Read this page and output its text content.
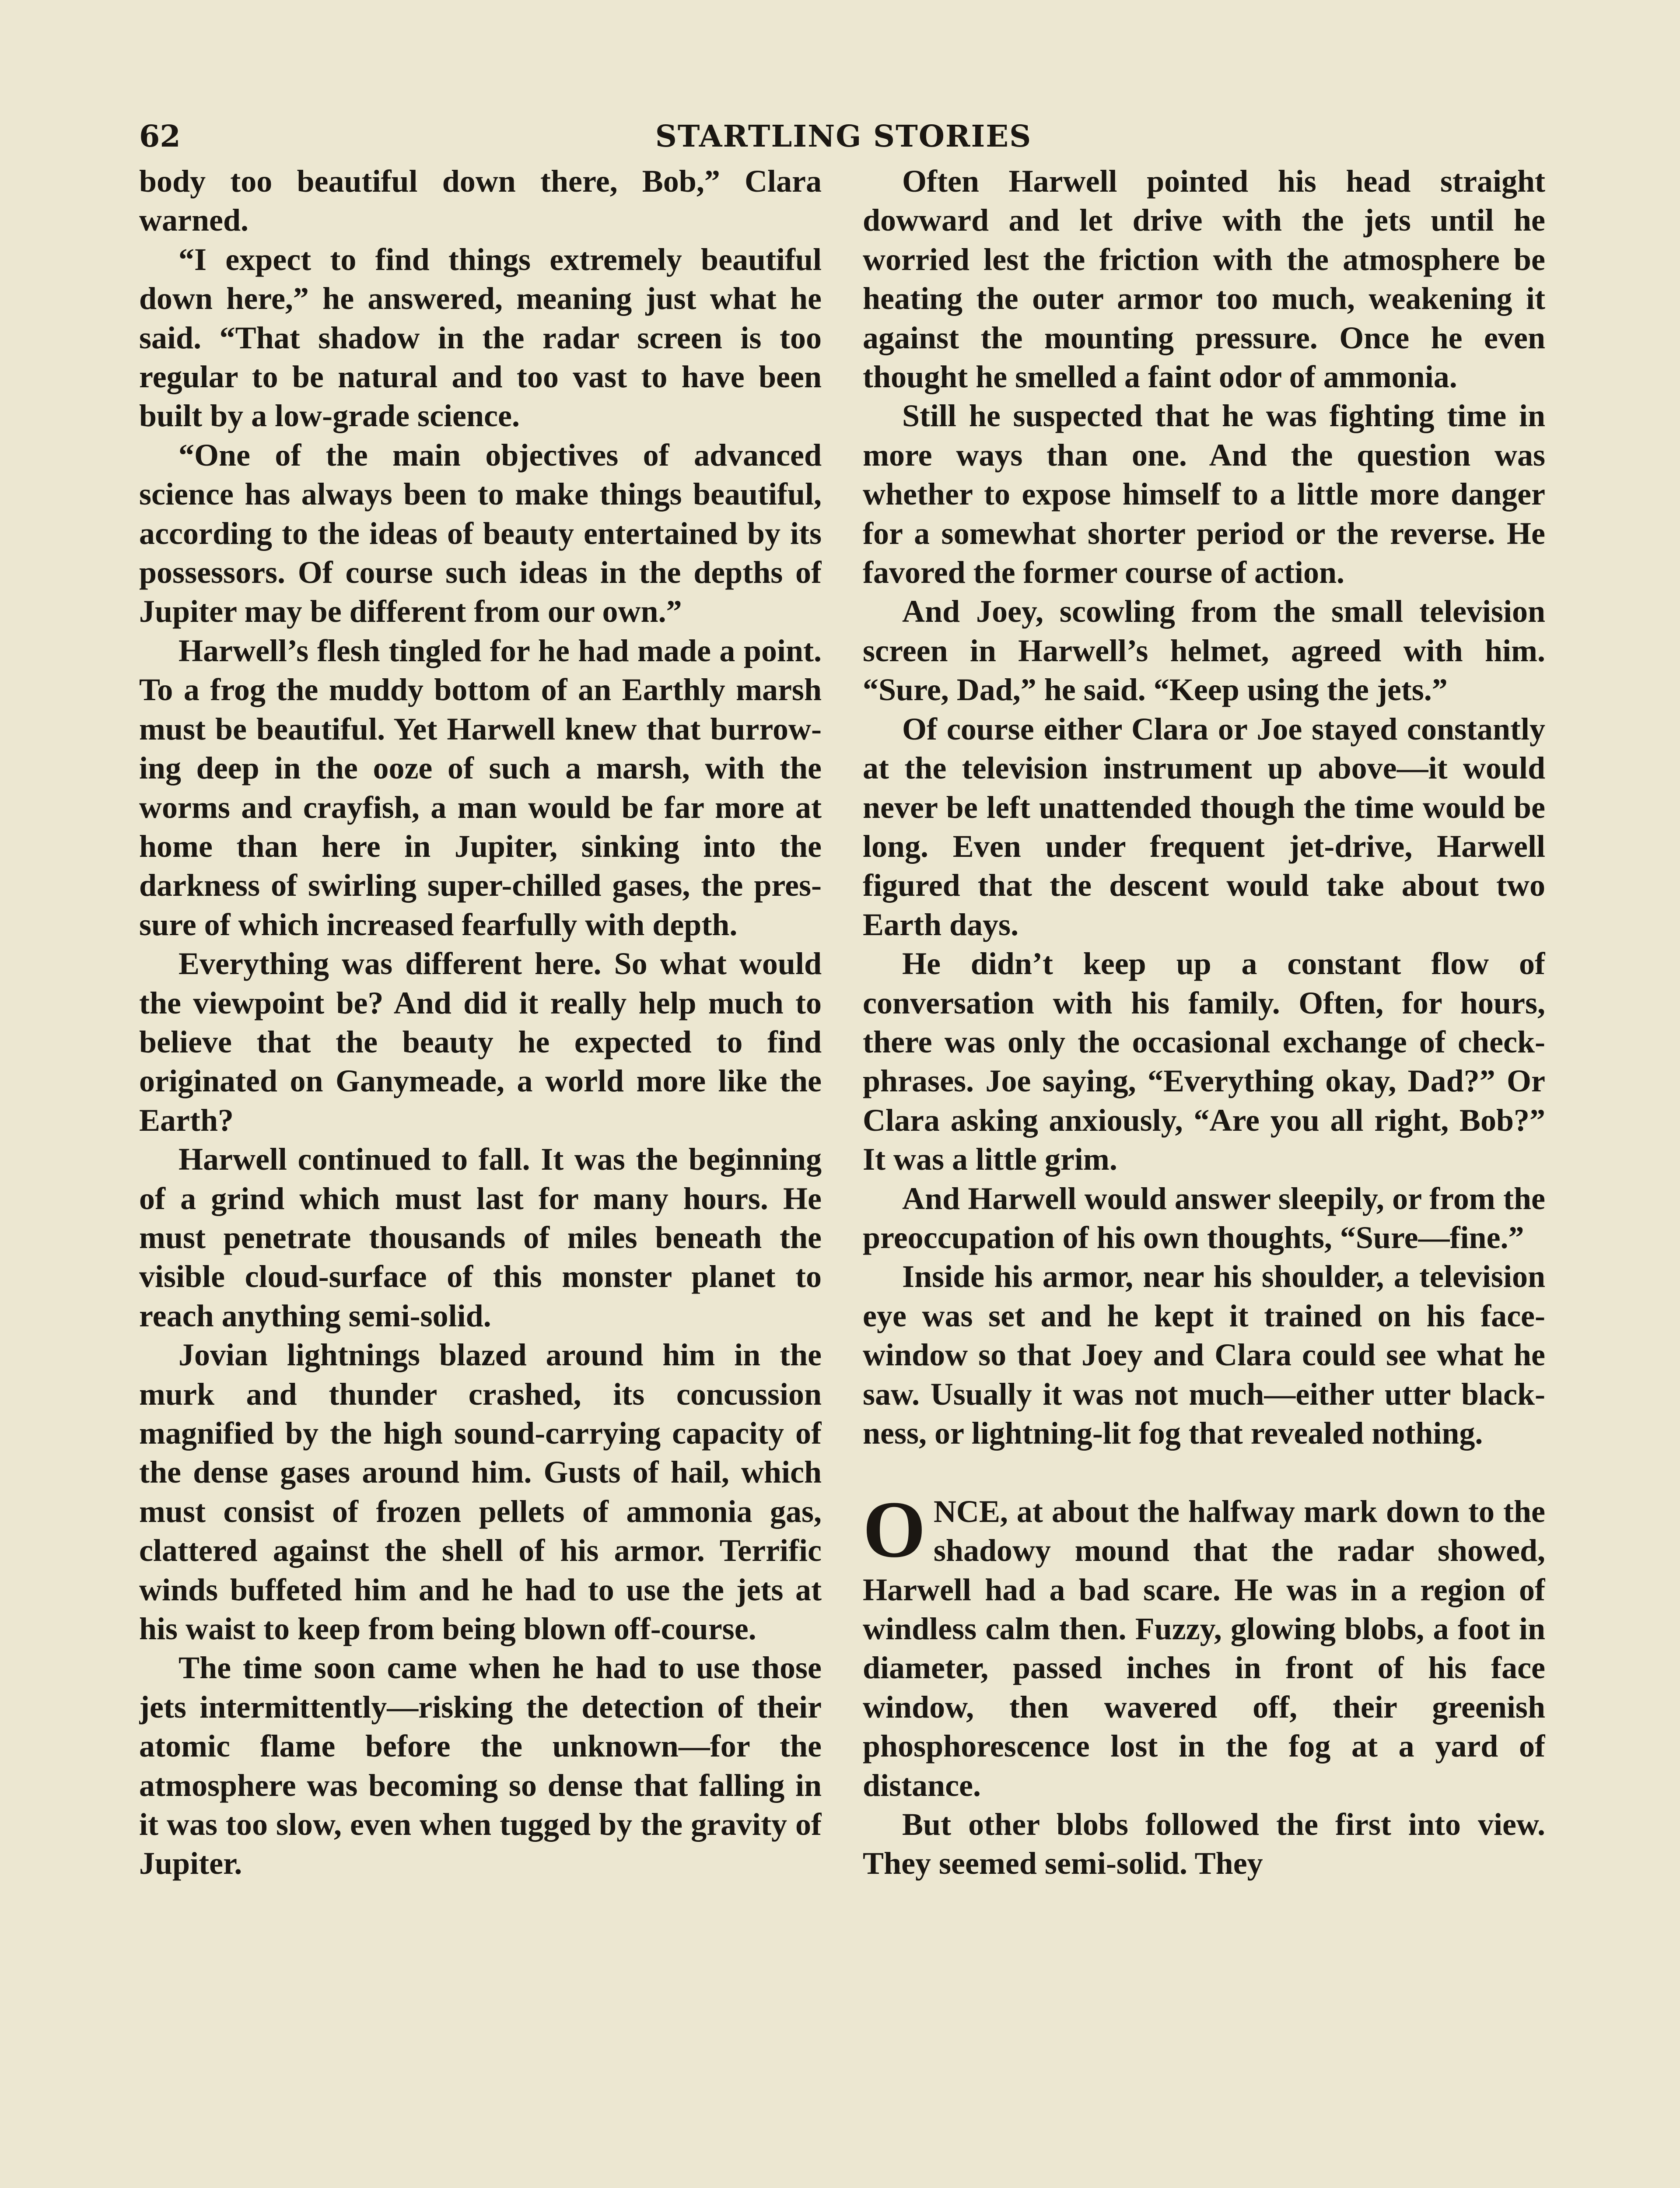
62	STARTLING STORIES

body too beautiful down there, Bob,” Clara warned.

“I expect to find things extremely beautiful down here,” he answered, meaning just what he said. “That shadow in the radar screen is too regular to be natural and too vast to have been built by a low-grade science.

“One of the main objectives of advanced science has always been to make things beautiful, according to the ideas of beauty entertained by its possessors. Of course such ideas in the depths of Jupiter may be different from our own.”

Harwell’s flesh tingled for he had made a point. To a frog the muddy bottom of an Earthly marsh must be beautiful. Yet Harwell knew that burrowing deep in the ooze of such a marsh, with the worms and crayfish, a man would be far more at home than here in Jupiter, sinking into the darkness of swirling super-chilled gases, the pressure of which increased fearfully with depth.

Everything was different here. So what would the viewpoint be? And did it really help much to believe that the beauty he expected to find originated on Ganymeade, a world more like the Earth?

Harwell continued to fall. It was the beginning of a grind which must last for many hours. He must penetrate thousands of miles beneath the visible cloud-surface of this monster planet to reach anything semi-solid.

Jovian lightnings blazed around him in the murk and thunder crashed, its concussion magnified by the high sound-carrying capacity of the dense gases around him. Gusts of hail, which must consist of frozen pellets of ammonia gas, clattered against the shell of his armor. Terrific winds buffeted him and he had to use the jets at his waist to keep from being blown off-course.

The time soon came when he had to use those jets intermittently—risking the detection of their atomic flame before the unknown—for the atmosphere was becoming so dense that falling in it was too slow, even when tugged by the gravity of Jupiter.

Often Harwell pointed his head straight dowward and let drive with the jets until he worried lest the friction with the atmosphere be heating the outer armor too much, weakening it against the mounting pressure. Once he even thought he smelled a faint odor of ammonia.

Still he suspected that he was fighting time in more ways than one. And the question was whether to expose himself to a little more danger for a somewhat shorter period or the reverse. He favored the former course of action.

And Joey, scowling from the small television screen in Harwell’s helmet, agreed with him. “Sure, Dad,” he said. “Keep using the jets.”

Of course either Clara or Joe stayed constantly at the television instrument up above—it would never be left unattended though the time would be long. Even under frequent jet-drive, Harwell figured that the descent would take about two Earth days.

He didn’t keep up a constant flow of conversation with his family. Often, for hours, there was only the occasional exchange of check-phrases. Joe saying, “Everything okay, Dad?” Or Clara asking anxiously, “Are you all right, Bob?” It was a little grim.

And Harwell would answer sleepily, or from the preoccupation of his own thoughts, “Sure—fine.”

Inside his armor, near his shoulder, a television eye was set and he kept it trained on his face-window so that Joey and Clara could see what he saw. Usually it was not much—either utter blackness, or lightning-lit fog that revealed nothing.

ONCE, at about the halfway mark down to the shadowy mound that the radar showed, Harwell had a bad scare. He was in a region of windless calm then. Fuzzy, glowing blobs, a foot in diameter, passed inches in front of his face window, then wavered off, their greenish phosphorescence lost in the fog at a yard of distance.

But other blobs followed the first into view. They seemed semi-solid. They
